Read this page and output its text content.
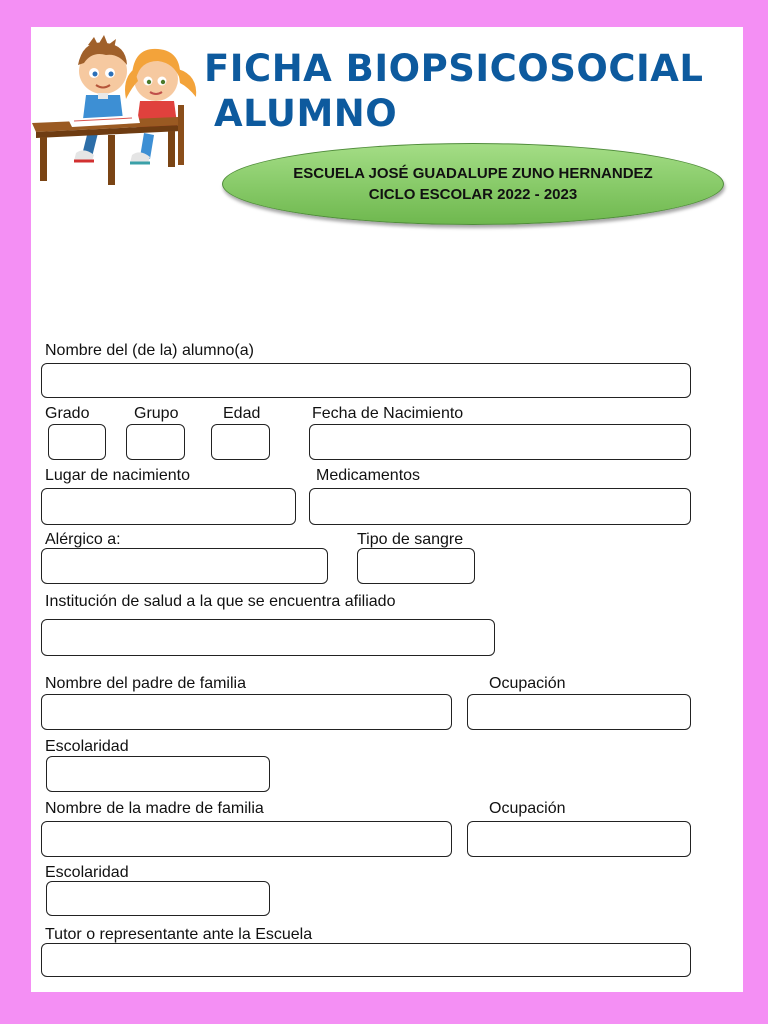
FICHA BIOPSICOSOCIAL
ALUMNO
ESCUELA JOSÉ GUADALUPE ZUNO HERNANDEZ
CICLO ESCOLAR 2022 - 2023
Nombre del (de la) alumno(a)
Grado	Grupo	Edad	Fecha de Nacimiento
Lugar de nacimiento	Medicamentos
Alérgico a:	Tipo de sangre
Institución de salud a la que se encuentra afiliado
Nombre del padre de familia	Ocupación
Escolaridad
Nombre de la madre de familia	Ocupación
Escolaridad
Tutor o representante ante la Escuela
